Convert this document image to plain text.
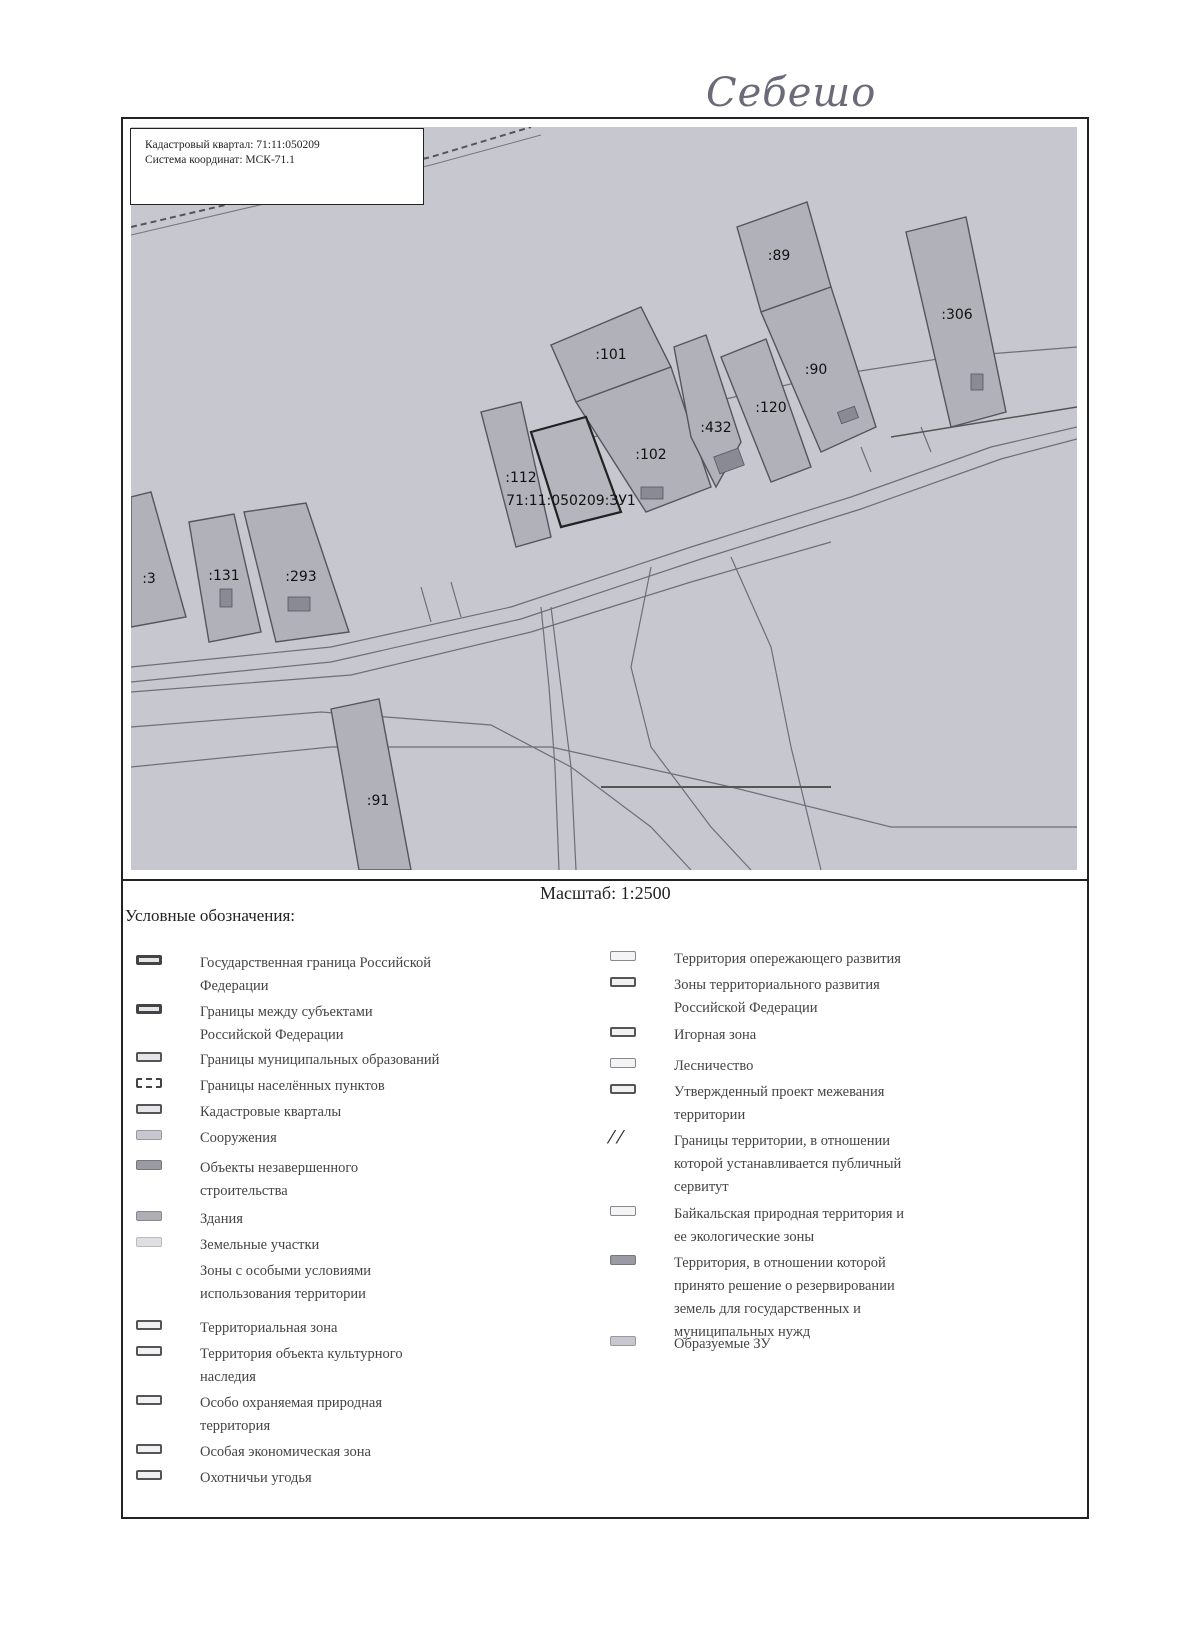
Себешо
:89
:306
:101
:90
:120
:432
:102
:112
71:11:050209:ЗУ1
:3	:131	:293
:91
Кадастровый квартал: 71:11:050209
Система координат: МСК-71.1
Масштаб: 1:2500
Условные обозначения:
Государственная граница Российской
Федерации
Границы между субъектами
Российской Федерации
Границы муниципальных образований
Границы населённых пунктов
Кадастровые кварталы
Сооружения
Объекты незавершенного
строительства
Здания
Земельные участки
Зоны с особыми условиями
использования территории
Территориальная зона
Территория объекта культурного
наследия
Особо охраняемая природная
территория
Особая экономическая зона
Охотничьи угодья
Территория опережающего развития
Зоны территориального развития
Российской Федерации
Игорная зона
Лесничество
Утвержденный проект межевания
территории
⁄ ⁄	Границы территории, в отношении
которой устанавливается публичный
сервитут
Байкальская природная территория и
ее экологические зоны
Территория, в отношении которой
принято решение о резервировании
земель для государственных и
муниципальных нужд
Образуемые ЗУ
